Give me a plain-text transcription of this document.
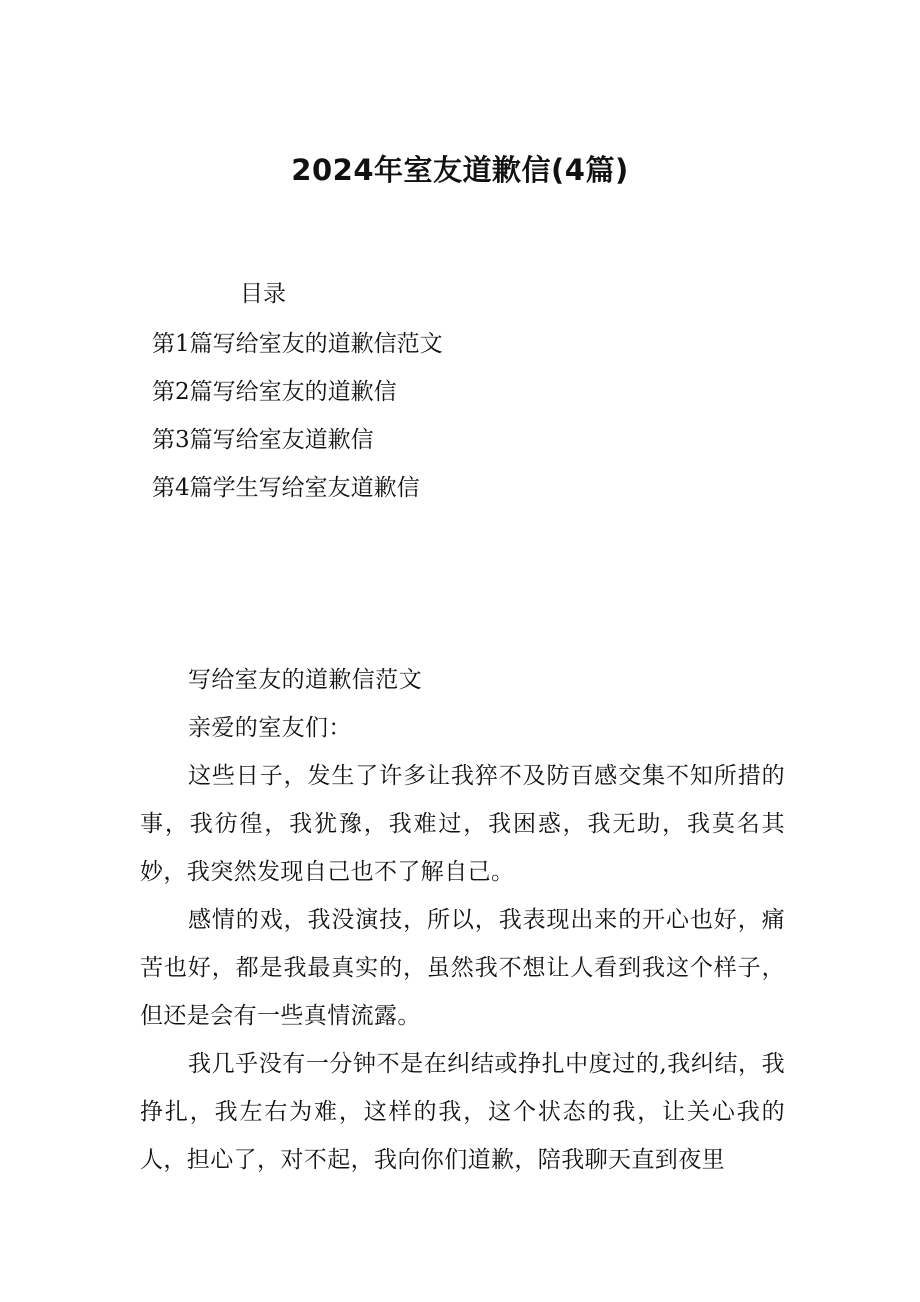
2024年室友道歉信(4篇)
目录
第1篇写给室友的道歉信范文
第2篇写给室友的道歉信
第3篇写给室友道歉信
第4篇学生写给室友道歉信

写给室友的道歉信范文

亲爱的室友们：

这些日子，发生了许多让我猝不及防百感交集不知所措的事，我彷徨，我犹豫，我难过，我困惑，我无助，我莫名其妙，我突然发现自己也不了解自己。

感情的戏，我没演技，所以，我表现出来的开心也好，痛苦也好，都是我最真实的，虽然我不想让人看到我这个样子，但还是会有一些真情流露。

我几乎没有一分钟不是在纠结或挣扎中度过的,我纠结，我挣扎，我左右为难，这样的我，这个状态的我，让关心我的人，担心了，对不起，我向你们道歉，陪我聊天直到夜里
